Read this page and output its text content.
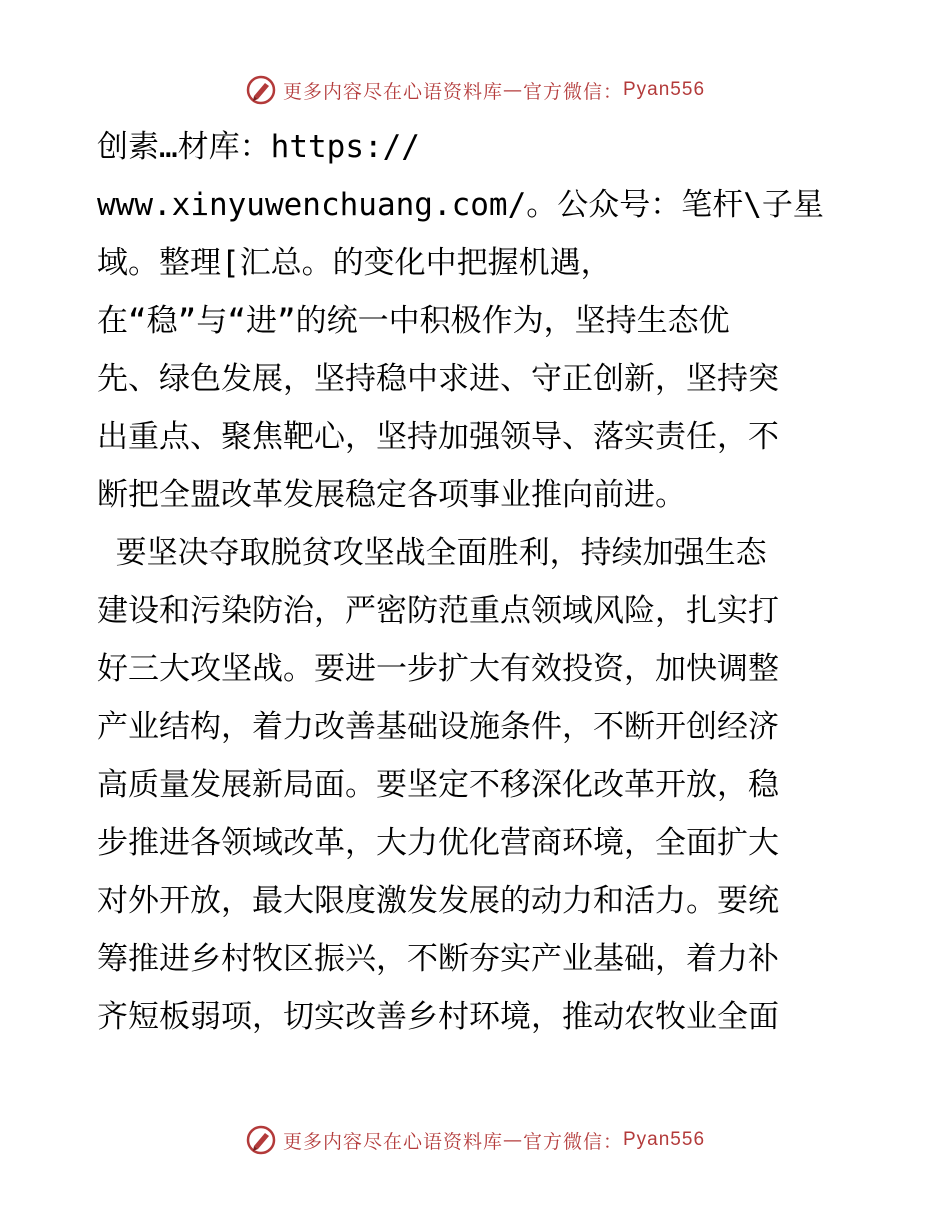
更多内容尽在心语资料库 — 官方微信： Pyan556
创素…材库：https://
www.xinyuwenchuang.com/。公众号：笔杆\子星
域。整理[汇总。的变化中把握机遇，
在“稳”与“进”的统一中积极作为，坚持生态优
先、绿色发展，坚持稳中求进、守正创新，坚持突
出重点、聚焦靶心，坚持加强领导、落实责任，不
断把全盟改革发展稳定各项事业推向前进。
要坚决夺取脱贫攻坚战全面胜利，持续加强生态
建设和污染防治，严密防范重点领域风险，扎实打
好三大攻坚战。要进一步扩大有效投资，加快调整
产业结构，着力改善基础设施条件，不断开创经济
高质量发展新局面。要坚定不移深化改革开放，稳
步推进各领域改革，大力优化营商环境，全面扩大
对外开放，最大限度激发发展的动力和活力。要统
筹推进乡村牧区振兴，不断夯实产业基础，着力补
齐短板弱项，切实改善乡村环境，推动农牧业全面
更多内容尽在心语资料库 — 官方微信： Pyan556
